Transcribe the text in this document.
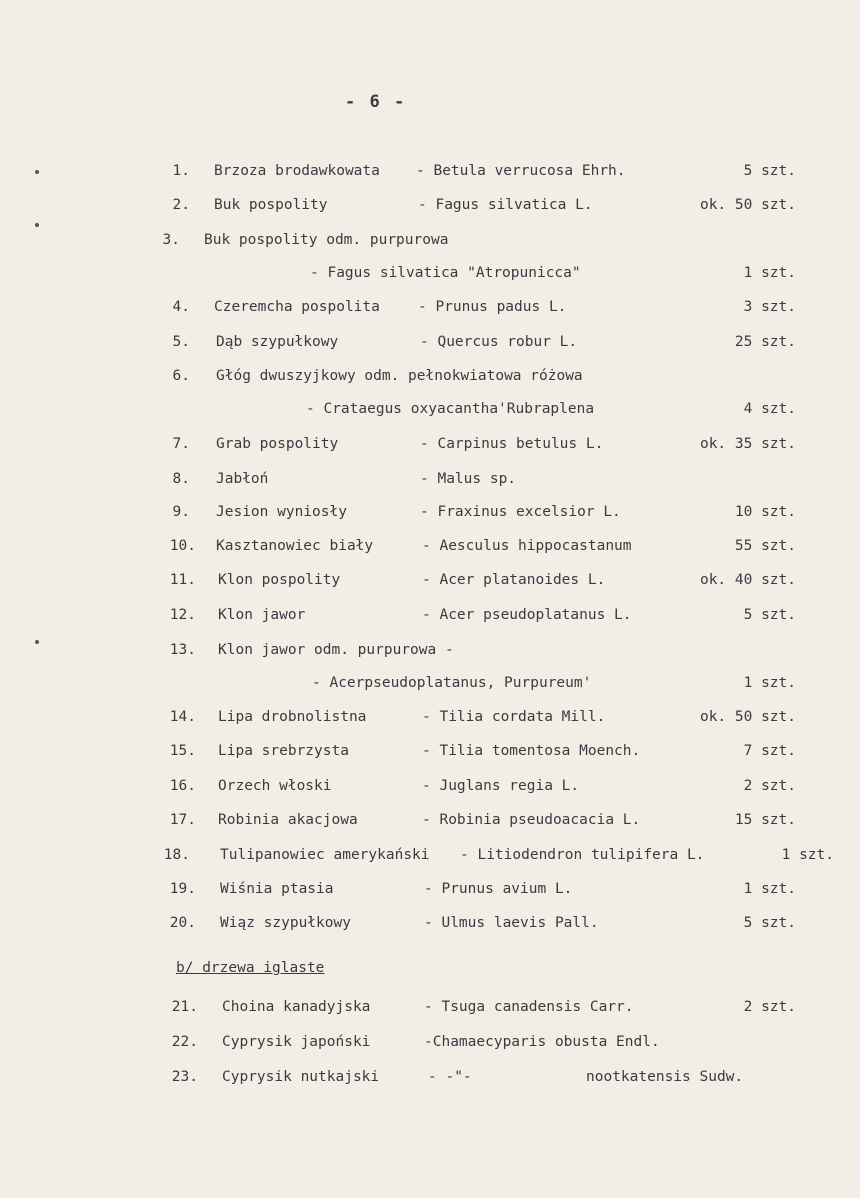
- 6 -
1. Brzoza brodawkowata - Betula verrucosa Ehrh.	5 szt.
2. Buk pospolity	- Fagus silvatica L.	ok. 50 szt.
3. Buk pospolity odm. purpurowa
- Fagus silvatica "Atropunicca"	1 szt.
4. Czeremcha pospolita	- Prunus padus L.	3 szt.
5. Dąb szypułkowy	- Quercus robur L.	25 szt.
6. Głóg dwuszyjkowy odm. pełnokwiatowa różowa
- Crataegus oxyacantha'Rubraplena	4 szt.
7. Grab pospolity	- Carpinus betulus L.	ok. 35 szt.
8. Jabłoń	- Malus sp.
9. Jesion wyniosły	- Fraxinus excelsior L.	10 szt.
10. Kasztanowiec biały	- Aesculus hippocastanum	55 szt.
11. Klon pospolity	- Acer platanoides L.	ok. 40 szt.
12. Klon jawor	- Acer pseudoplatanus L.	5 szt.
13. Klon jawor odm. purpurowa -
- Acerpseudoplatanus, Purpureum'	1 szt.
14. Lipa drobnolistna	- Tilia cordata Mill.	ok. 50 szt.
15. Lipa srebrzysta	- Tilia tomentosa Moench.	7 szt.
16. Orzech włoski	- Juglans regia L.	2 szt.
17. Robinia akacjowa	- Robinia pseudoacacia L.	15 szt.
18. Tulipanowiec amerykański - Litiodendron tulipifera L.	1 szt.
19. Wiśnia ptasia	- Prunus avium L.	1 szt.
20. Wiąz szypułkowy	- Ulmus laevis Pall.	5 szt.
b/ drzewa iglaste
21. Choina kanadyjska	- Tsuga canadensis Carr.	2 szt.
22. Cyprysik japoński	-Chamaecyparis obusta Endl.
23. Cyprysik nutkajski	- -"-	nootkatensis Sudw.
